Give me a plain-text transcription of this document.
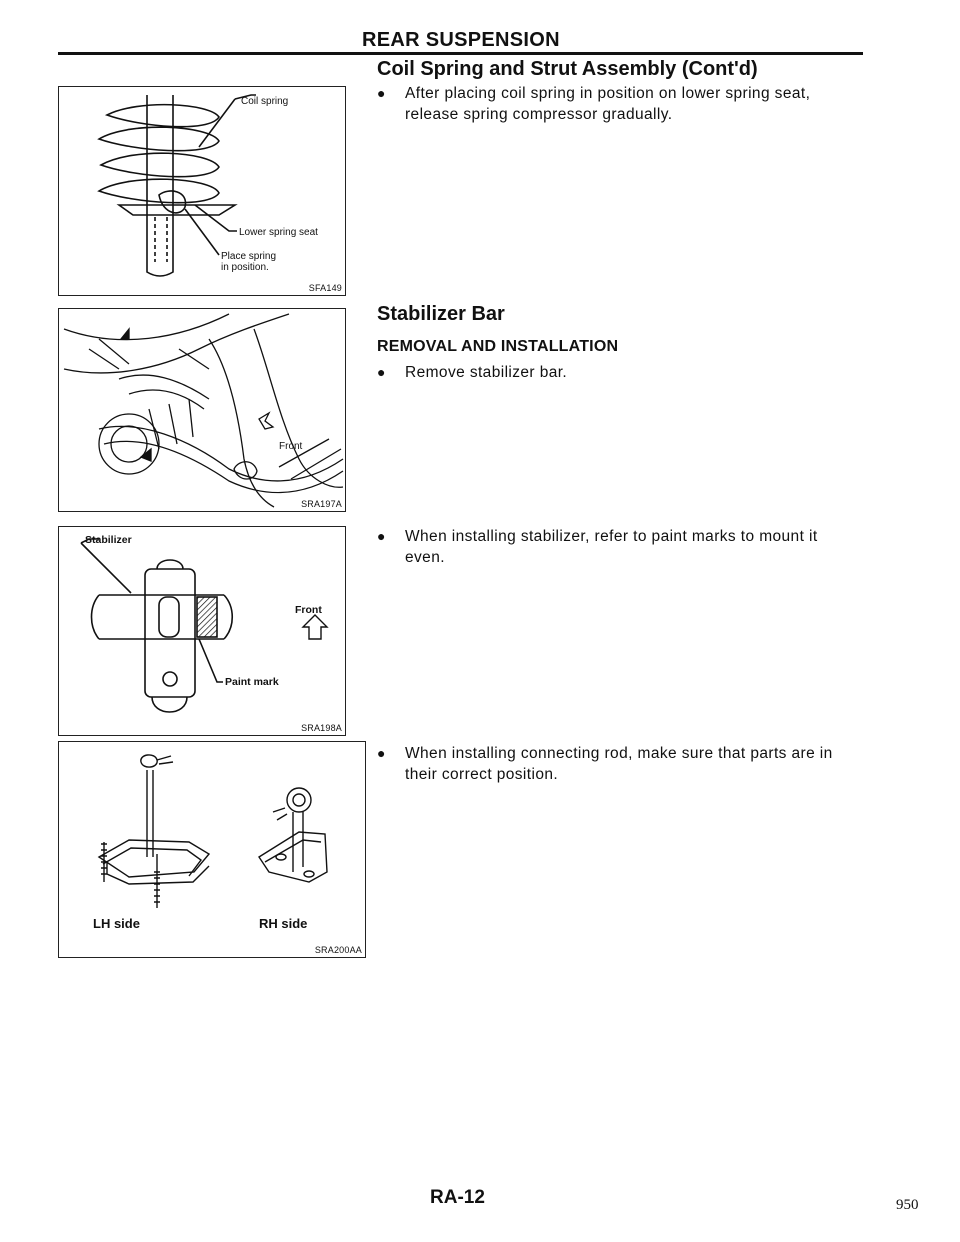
REAR SUSPENSION
Coil Spring and Strut Assembly (Cont'd)
●	After placing coil spring in position on lower spring seat, release spring compressor gradually.
Stabilizer Bar
REMOVAL AND INSTALLATION
●	Remove stabilizer bar.
●	When installing stabilizer, refer to paint marks to mount it even.
●	When installing connecting rod, make sure that parts are in their correct position.
Coil spring
Lower spring seat
Place spring
in position.
SFA149
Front
SRA197A
Stabilizer
Front
Paint mark
SRA198A
LH side	RH side
SRA200AA
RA-12	950
